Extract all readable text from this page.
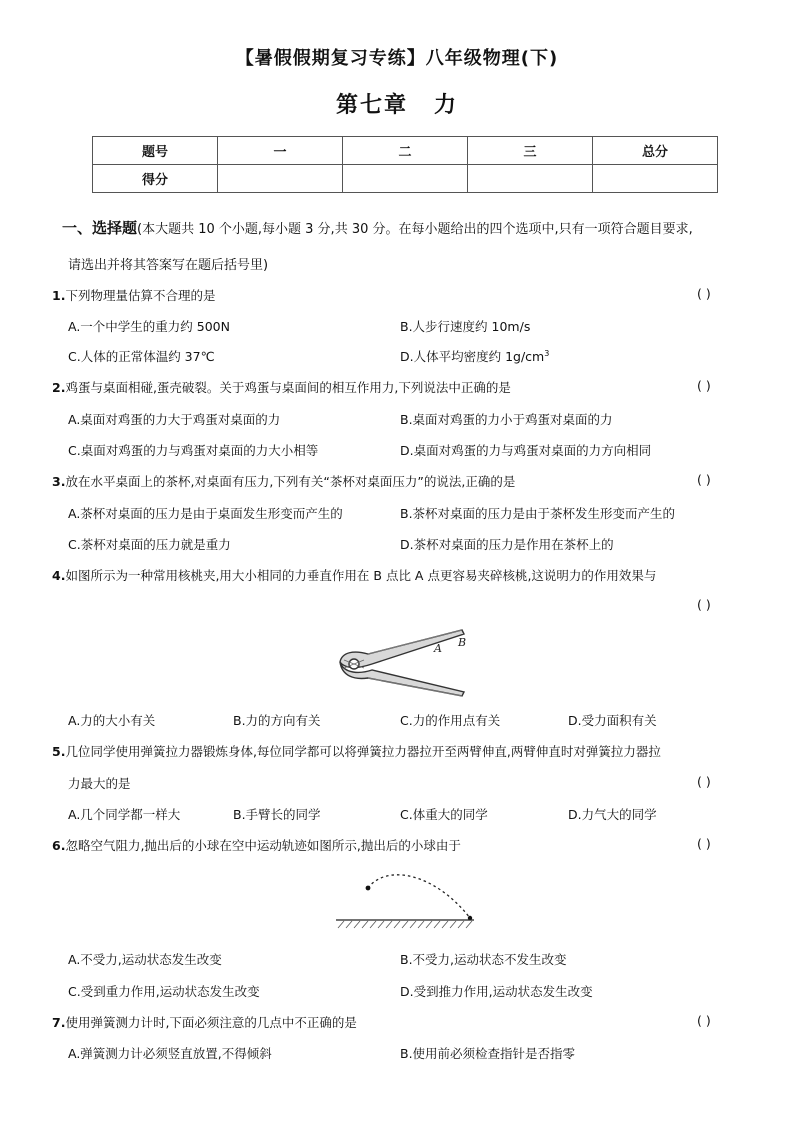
【暑假假期复习专练】八年级物理(下)
第七章 力
题号	一	二	三	总分
得分				
一、选择题(本大题共 10 个小题,每小题 3 分,共 30 分。在每小题给出的四个选项中,只有一项符合题目要求,
请选出并将其答案写在题后括号里)
1.下列物理量估算不合理的是	( )
A.一个中学生的重力约 500N	B.人步行速度约 10m/s
C.人体的正常体温约 37℃	D.人体平均密度约 $1g/cm^3$
2.鸡蛋与桌面相碰,蛋壳破裂。关于鸡蛋与桌面间的相互作用力,下列说法中正确的是	( )
A.桌面对鸡蛋的力大于鸡蛋对桌面的力	B.桌面对鸡蛋的力小于鸡蛋对桌面的力
C.桌面对鸡蛋的力与鸡蛋对桌面的力大小相等	D.桌面对鸡蛋的力与鸡蛋对桌面的力方向相同
3.放在水平桌面上的茶杯,对桌面有压力,下列有关“茶杯对桌面压力”的说法,正确的是	( )
A.茶杯对桌面的压力是由于桌面发生形变而产生的	B.茶杯对桌面的压力是由于茶杯发生形变而产生的
C.茶杯对桌面的压力就是重力	D.茶杯对桌面的压力是作用在茶杯上的
4.如图所示为一种常用核桃夹,用大小相同的力垂直作用在 B 点比 A 点更容易夹碎核桃,这说明力的作用效果与
( )
A B
A.力的大小有关	B.力的方向有关	C.力的作用点有关	D.受力面积有关
5.几位同学使用弹簧拉力器锻炼身体,每位同学都可以将弹簧拉力器拉开至两臂伸直,两臂伸直时对弹簧拉力器拉
力最大的是	( )
A.几个同学都一样大	B.手臂长的同学	C.体重大的同学	D.力气大的同学
6.忽略空气阻力,抛出后的小球在空中运动轨迹如图所示,抛出后的小球由于	( )
A.不受力,运动状态发生改变	B.不受力,运动状态不发生改变
C.受到重力作用,运动状态发生改变	D.受到推力作用,运动状态发生改变
7.使用弹簧测力计时,下面必须注意的几点中不正确的是	( )
A.弹簧测力计必须竖直放置,不得倾斜	B.使用前必须检查指针是否指零
